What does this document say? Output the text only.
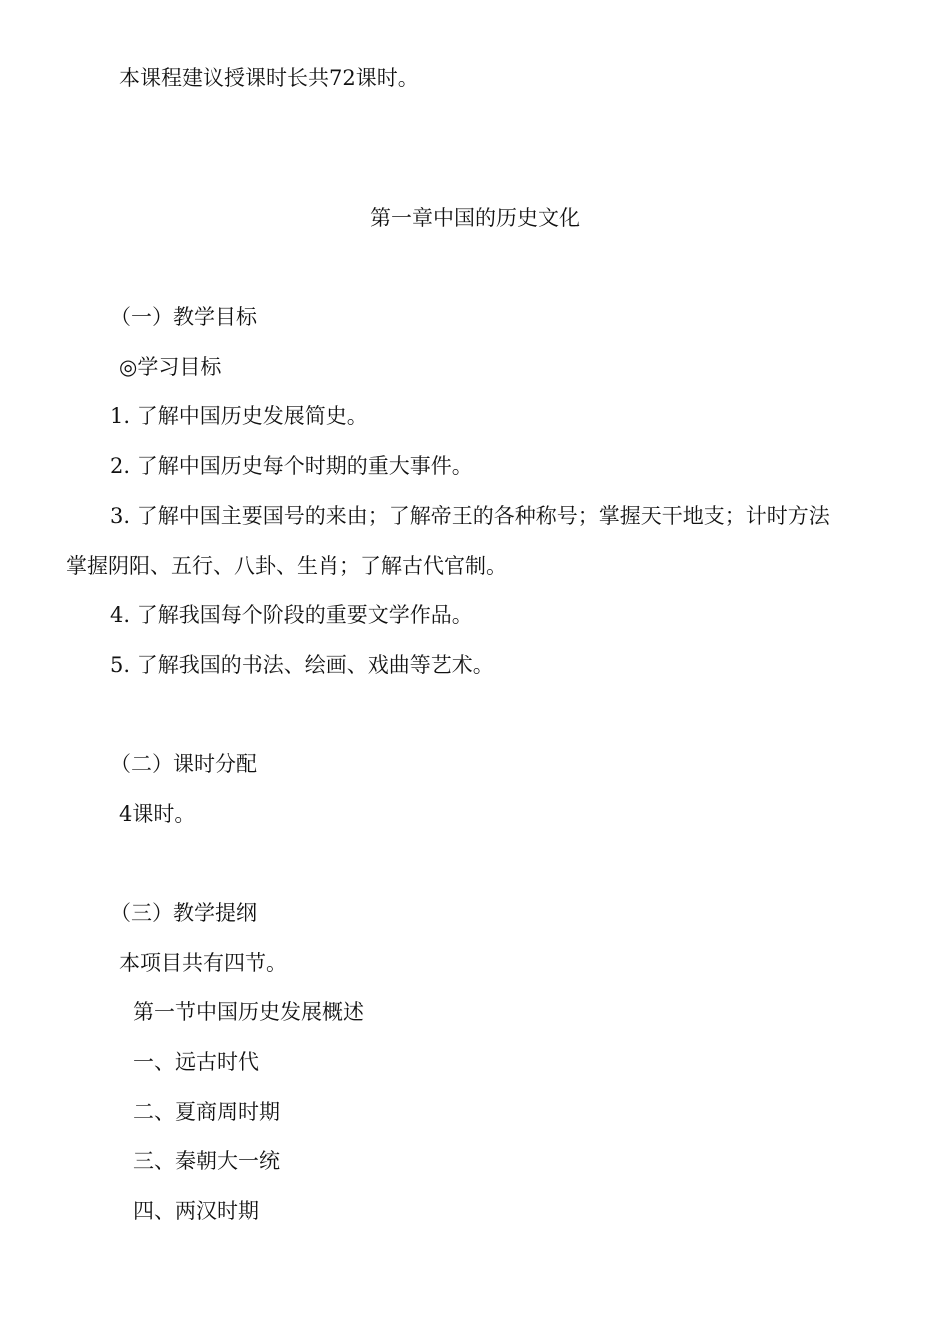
本课程建议授课时长共72课时。
第一章中国的历史文化
（一）教学目标
◎学习目标
1. 了解中国历史发展简史。
2. 了解中国历史每个时期的重大事件。
3. 了解中国主要国号的来由；了解帝王的各种称号；掌握天干地支；计时方法
掌握阴阳、五行、八卦、生肖；了解古代官制。
4. 了解我国每个阶段的重要文学作品。
5. 了解我国的书法、绘画、戏曲等艺术。
（二）课时分配
4课时。
（三）教学提纲
本项目共有四节。
第一节中国历史发展概述
一、远古时代
二、夏商周时期
三、秦朝大一统
四、两汉时期
